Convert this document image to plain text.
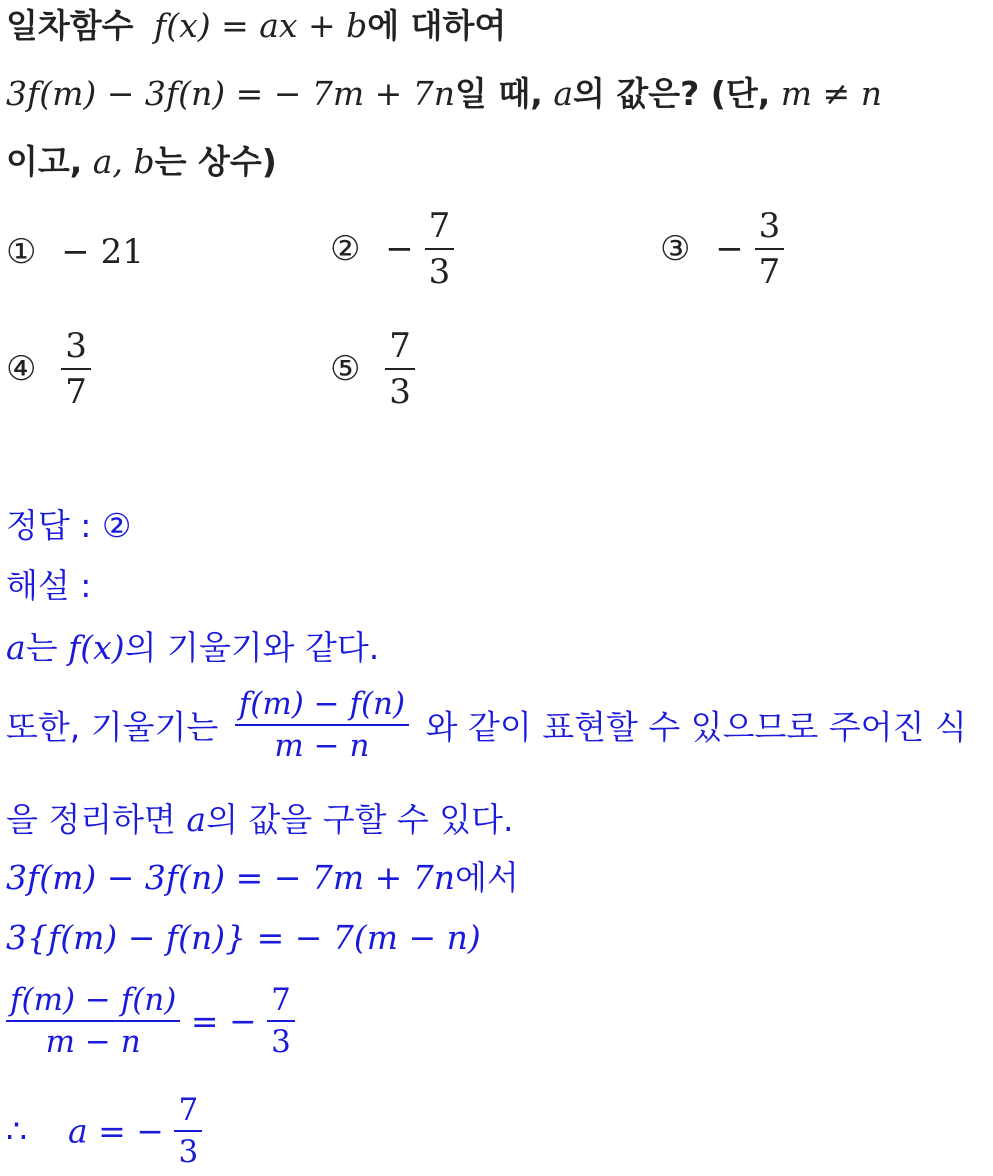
일차함수 f(x) = ax + b에 대하여
3f(m) − 3f(n) = − 7m + 7n일 때, a의 값은? (단, m ≠ n
이고, a, b는 상수)
① − 21	② − $\frac{7}{3}$	③ − $\frac{3}{7}$
④ $\frac{3}{7}$	⑤ $\frac{7}{3}$
정답 : ②
해설 :
a는 f(x)의 기울기와 같다.
또한, 기울기는 $\frac{f(m) - f(n)}{m - n}$ 와 같이 표현할 수 있으므로 주어진 식
을 정리하면 a의 값을 구할 수 있다.
3f(m) − 3f(n) = − 7m + 7n에서
3{f(m) − f(n)} = − 7(m − n)
$\frac{f(m) - f(n)}{m - n}$ = − $\frac{7}{3}$
∴ a = − $\frac{7}{3}$
